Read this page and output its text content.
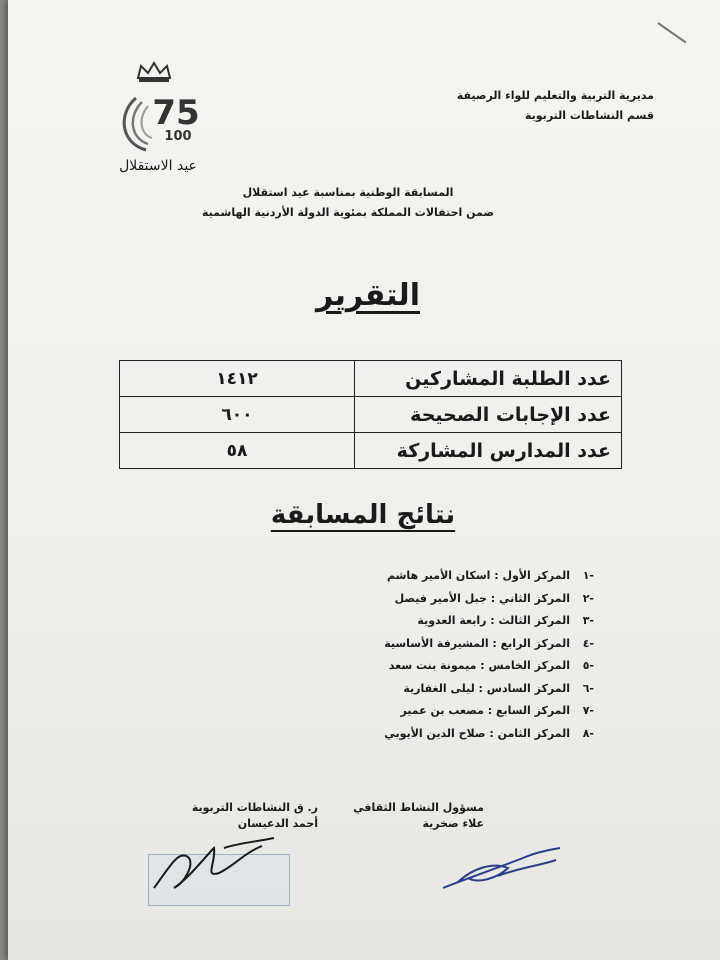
مديرية التربية والتعليم للواء الرصيفة
قسم النشاطات التربوية
75
100
عيد الاستقلال
المسابقة الوطنية بمناسبة عيد استقلال
ضمن احتفالات المملكة بمئوية الدولة الأردنية الهاشمية
التقرير
عدد الطلبة المشاركين	١٤١٢
عدد الإجابات الصحيحة	٦٠٠
عدد المدارس المشاركة	٥٨
نتائج المسابقة
-١المركز الأول : اسكان الأمير هاشم
-٢المركز الثاني : جبل الأمير فيصل
-٣المركز الثالث : رابعة العدوية
-٤المركز الرابع : المشيرفة الأساسية
-٥المركز الخامس : ميمونة بنت سعد
-٦المركز السادس : ليلى الغفارية
-٧المركز السابع : مصعب بن عمير
-٨المركز الثامن : صلاح الدين الأيوبي
مسؤول النشاط الثقافي
علاء صخرية
ر. ق النشاطات التربوية
أحمد الدعيسان
